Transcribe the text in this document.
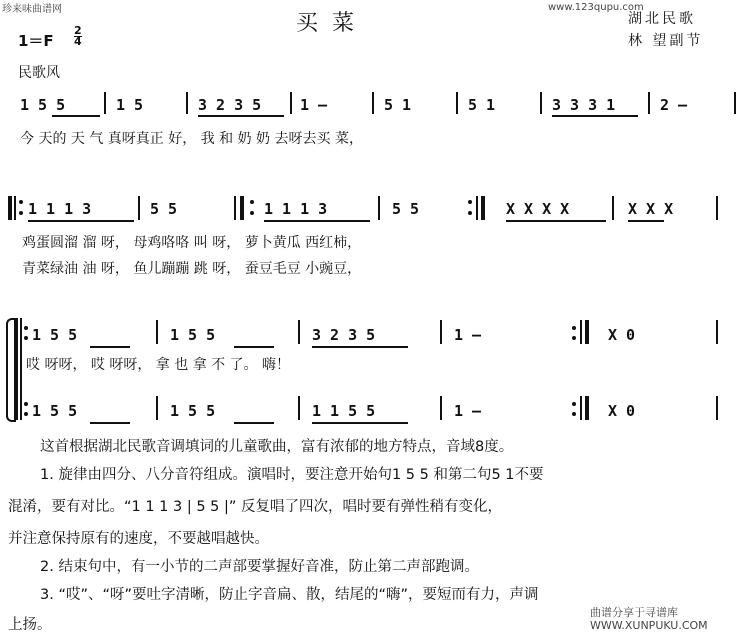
珍来味曲谱网	www.123qupu.com
买菜	湖北民歌
林 望副节
1＝F
2
4
民歌风
1 5 5	1 5	3 2 3 5	1 –	5 1	5 1	3 3 3 1	2 –
今 天的 天 气 真呀真正 好， 我 和 奶 奶 去呀去买 菜，
1 1 1 3	5 5	1 1 1 3	5 5	X X X X	X X X
鸡蛋圆溜 溜 呀， 母鸡咯咯 叫 呀， 萝卜黄瓜 西红柿，
青菜绿油 油 呀， 鱼儿蹦蹦 跳 呀， 蚕豆毛豆 小豌豆，
1 5 5	1 5 5	3 2 3 5	1 –	X 0
哎 呀呀， 哎 呀呀， 拿 也 拿 不 了。 嗨！
1 5 5	1 5 5	1 1 5 5	1 –	X 0
这首根据湖北民歌音调填词的儿童歌曲，富有浓郁的地方特点，音域8度。
1. 旋律由四分、八分音符组成。演唱时，要注意开始句1 5 5 和第二句5 1不要
混淆，要有对比。“1 1 1 3 | 5 5 |” 反复唱了四次，唱时要有弹性稍有变化，
并注意保持原有的速度，不要越唱越快。
2. 结束句中，有一小节的二声部要掌握好音准，防止第二声部跑调。
3. “哎”、“呀”要吐字清晰，防止字音扁、散，结尾的“嗨”，要短而有力，声调
上扬。
曲谱分享于寻谱库 WWW.XUNPUKU.COM
